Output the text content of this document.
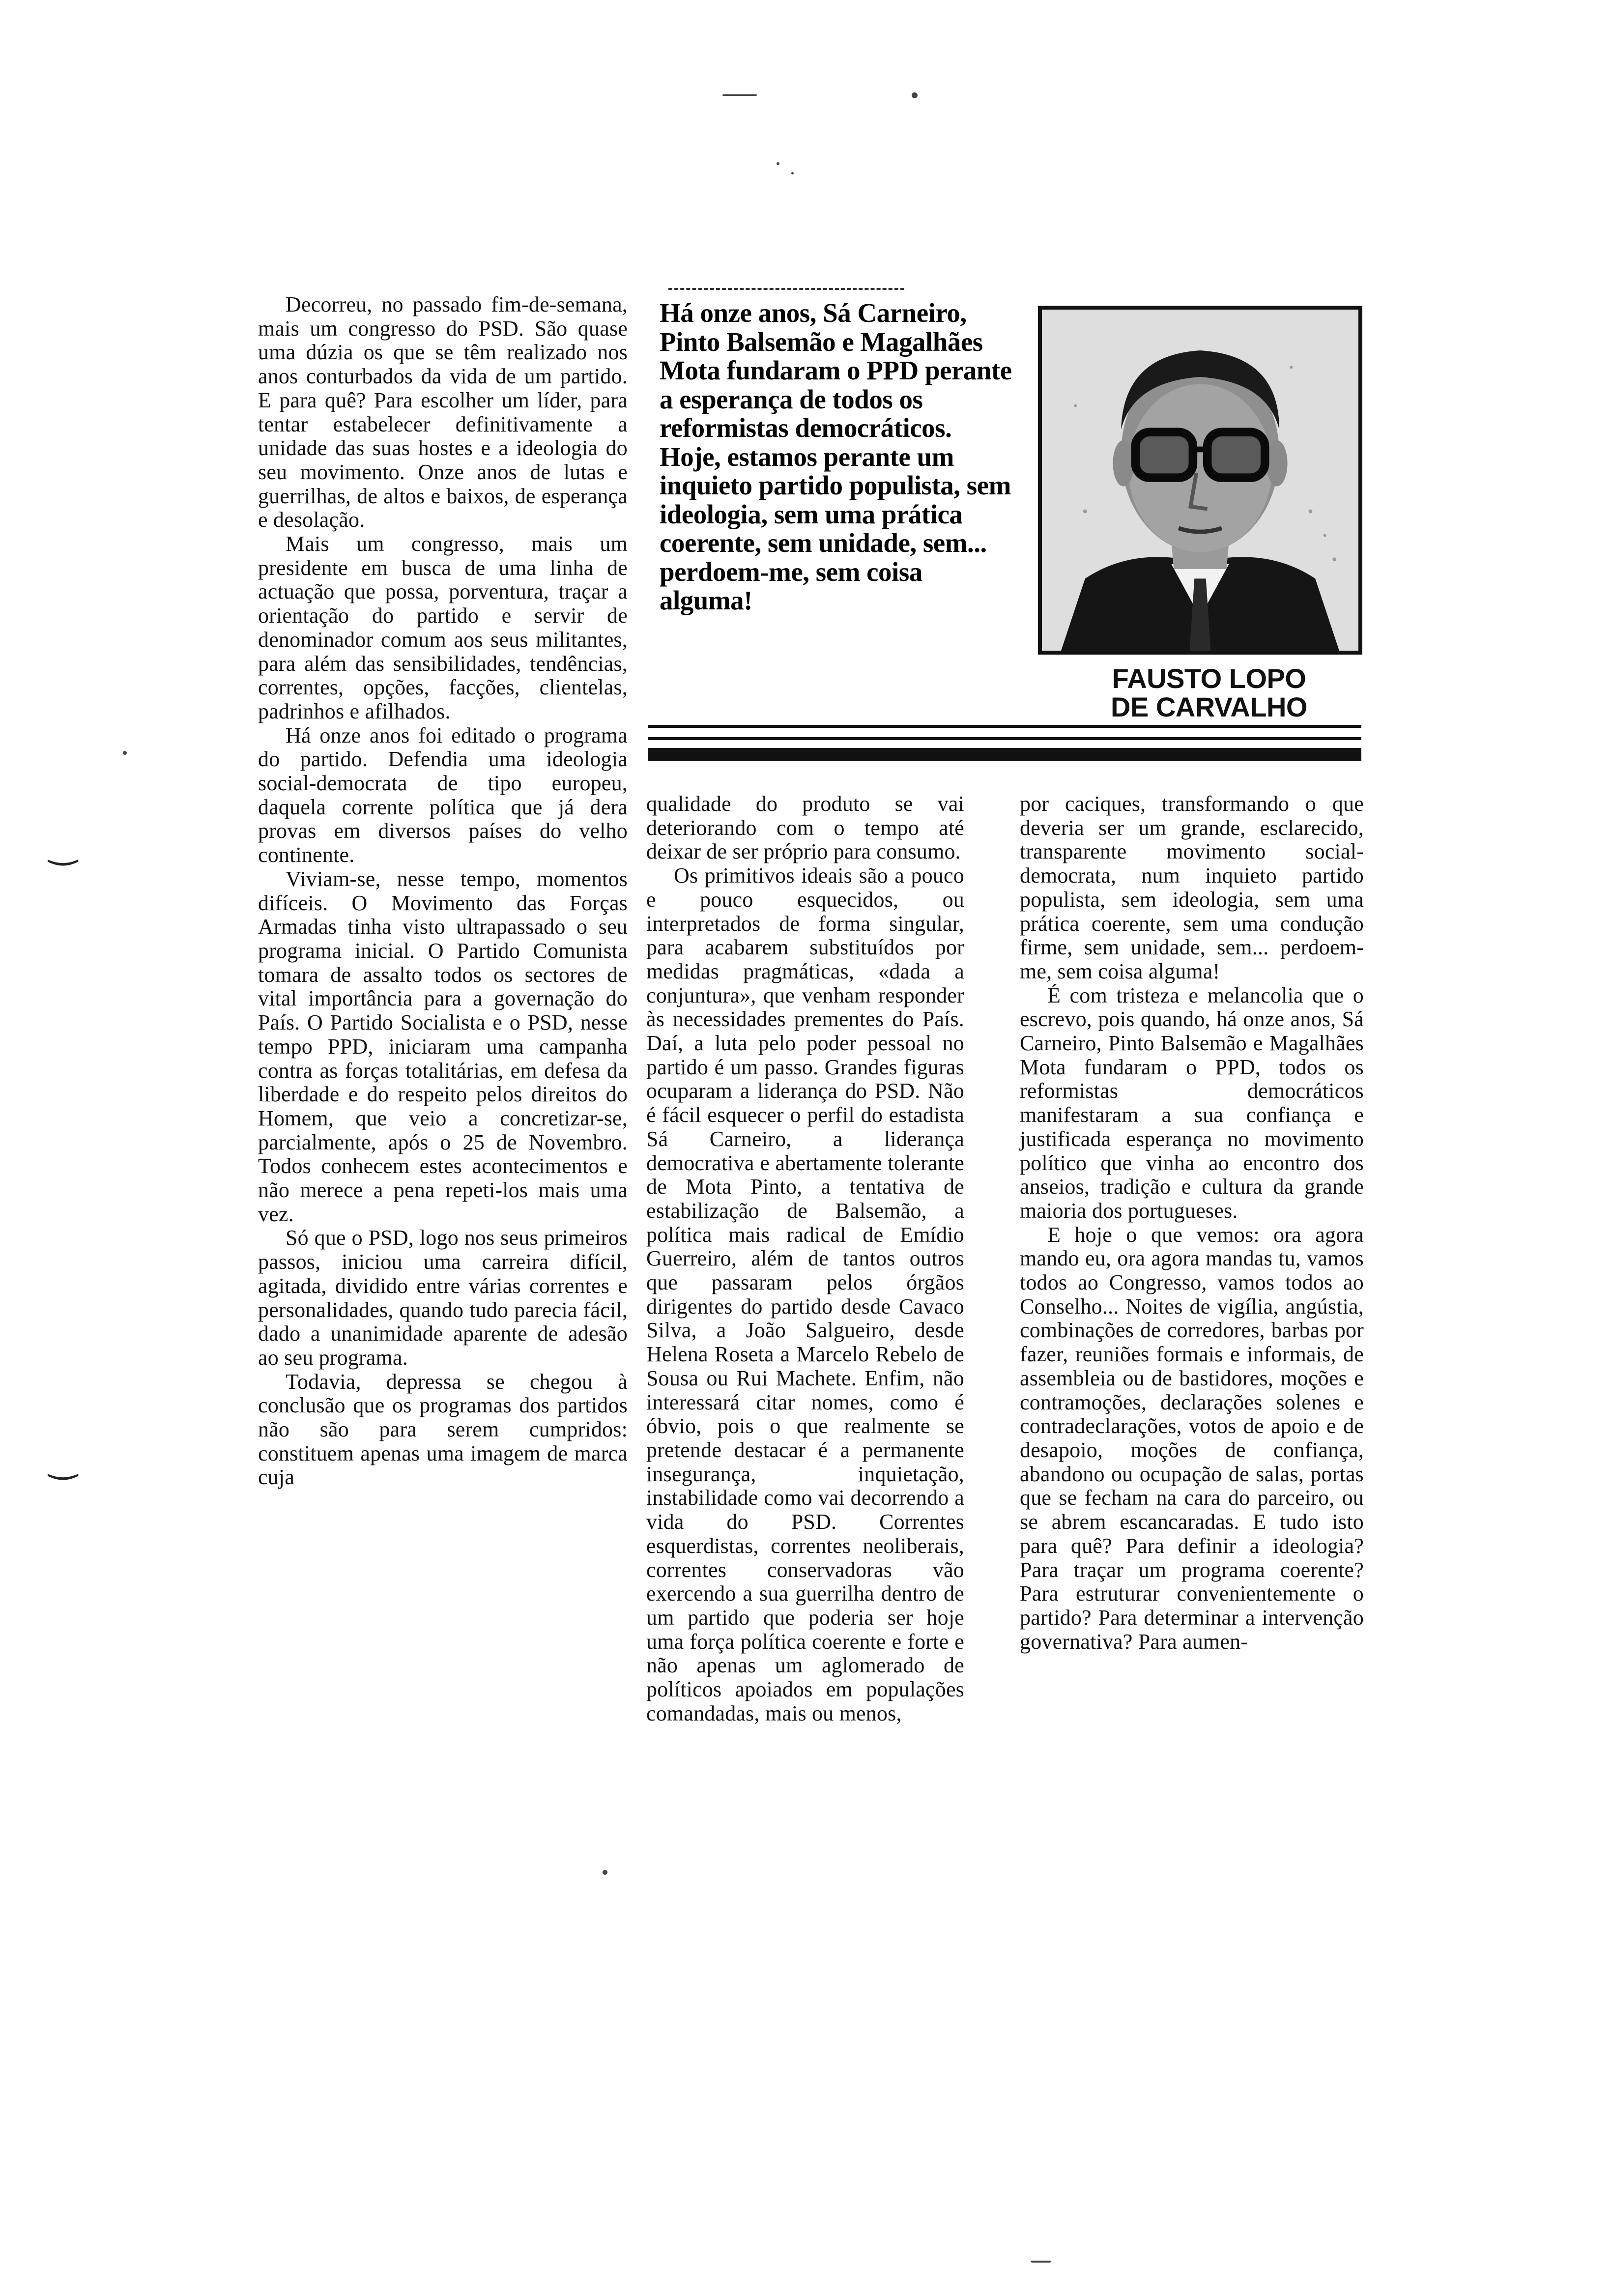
‿
‿

Decorreu, no passado fim-de-semana, mais um congresso do PSD. São quase uma dúzia os que se têm realizado nos anos conturbados da vida de um partido. E para quê? Para escolher um líder, para tentar estabelecer definitivamente a unidade das suas hostes e a ideologia do seu movimento. Onze anos de lutas e guerrilhas, de altos e baixos, de esperança e desolação.

Mais um congresso, mais um presidente em busca de uma linha de actuação que possa, porventura, traçar a orientação do partido e servir de denominador comum aos seus militantes, para além das sensibilidades, tendências, correntes, opções, facções, clientelas, padrinhos e afilhados.

Há onze anos foi editado o programa do partido. Defendia uma ideologia social-democrata de tipo europeu, daquela corrente política que já dera provas em diversos países do velho continente.

Viviam-se, nesse tempo, momentos difíceis. O Movimento das Forças Armadas tinha visto ultrapassado o seu programa inicial. O Partido Comunista tomara de assalto todos os sectores de vital importância para a governação do País. O Partido Socialista e o PSD, nesse tempo PPD, iniciaram uma campanha contra as forças totalitárias, em defesa da liberdade e do respeito pelos direitos do Homem, que veio a concretizar-se, parcialmente, após o 25 de Novembro. Todos conhecem estes acontecimentos e não merece a pena repeti-los mais uma vez.

Só que o PSD, logo nos seus primeiros passos, iniciou uma carreira difícil, agitada, dividido entre várias correntes e personalidades, quando tudo parecia fácil, dado a unanimidade aparente de adesão ao seu programa.

Todavia, depressa se chegou à conclusão que os programas dos partidos não são para serem cumpridos: constituem apenas uma imagem de marca cuja

Há onze anos, Sá Carneiro, Pinto Balsemão e Magalhães Mota fundaram o PPD perante a esperança de todos os reformistas democráticos. Hoje, estamos perante um inquieto partido populista, sem ideologia, sem uma prática coerente, sem unidade, sem... perdoem-me, sem coisa alguma!

FAUSTO LOPO
DE CARVALHO

qualidade do produto se vai deteriorando com o tempo até deixar de ser próprio para consumo.

Os primitivos ideais são a pouco e pouco esquecidos, ou interpretados de forma singular, para acabarem substituídos por medidas pragmáticas, «dada a conjuntura», que venham responder às necessidades prementes do País. Daí, a luta pelo poder pessoal no partido é um passo. Grandes figuras ocuparam a liderança do PSD. Não é fácil esquecer o perfil do estadista Sá Carneiro, a liderança democrativa e abertamente tolerante de Mota Pinto, a tentativa de estabilização de Balsemão, a política mais radical de Emídio Guerreiro, além de tantos outros que passaram pelos órgãos dirigentes do partido desde Cavaco Silva, a João Salgueiro, desde Helena Roseta a Marcelo Rebelo de Sousa ou Rui Machete. Enfim, não interessará citar nomes, como é óbvio, pois o que realmente se pretende destacar é a permanente insegurança, inquietação, instabilidade como vai decorrendo a vida do PSD. Correntes esquerdistas, correntes neoliberais, correntes conservadoras vão exercendo a sua guerrilha dentro de um partido que poderia ser hoje uma força política coerente e forte e não apenas um aglomerado de políticos apoiados em populações comandadas, mais ou menos,

por caciques, transformando o que deveria ser um grande, esclarecido, transparente movimento social-democrata, num inquieto partido populista, sem ideologia, sem uma prática coerente, sem uma condução firme, sem unidade, sem... perdoem-me, sem coisa alguma!

É com tristeza e melancolia que o escrevo, pois quando, há onze anos, Sá Carneiro, Pinto Balsemão e Magalhães Mota fundaram o PPD, todos os reformistas democráticos manifestaram a sua confiança e justificada esperança no movimento político que vinha ao encontro dos anseios, tradição e cultura da grande maioria dos portugueses.

E hoje o que vemos: ora agora mando eu, ora agora mandas tu, vamos todos ao Congresso, vamos todos ao Conselho... Noites de vigília, angústia, combinações de corredores, barbas por fazer, reuniões formais e informais, de assembleia ou de bastidores, moções e contramoções, declarações solenes e contradeclarações, votos de apoio e de desapoio, moções de confiança, abandono ou ocupação de salas, portas que se fecham na cara do parceiro, ou se abrem escancaradas. E tudo isto para quê? Para definir a ideologia? Para traçar um programa coerente? Para estruturar convenientemente o partido? Para determinar a intervenção governativa? Para aumen-
